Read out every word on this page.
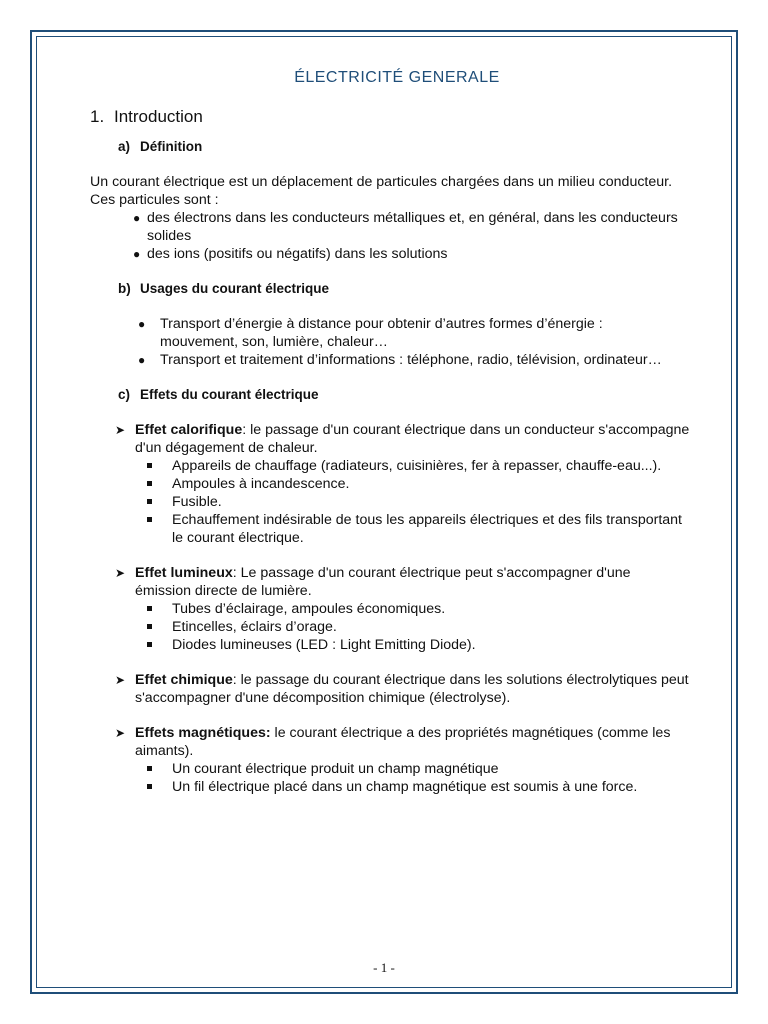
ÉLECTRICITÉ GENERALE
1. Introduction
a) Définition

Un courant électrique est un déplacement de particules chargées dans un milieu conducteur.

Ces particules sont :

● des électrons dans les conducteurs métalliques et, en général, dans les conducteurs solides
● des ions (positifs ou négatifs) dans les solutions
b) Usages du courant électrique
● Transport d’énergie à distance pour obtenir d’autres formes d’énergie :    mouvement, son, lumière, chaleur…
● Transport et traitement d’informations : téléphone, radio, télévision, ordinateur…
c) Effets du courant électrique
➤ Effet calorifique: le passage d'un courant électrique dans un conducteur s'accompagne d'un dégagement de chaleur.
Appareils de chauffage (radiateurs, cuisinières, fer à repasser, chauffe-eau...).
Ampoules à incandescence.
Fusible.
Echauffement indésirable de tous les appareils électriques et des fils transportant le courant électrique.
➤ Effet lumineux: Le passage d'un courant électrique peut s'accompagner d'une émission directe de lumière.
Tubes d’éclairage, ampoules économiques.
Etincelles, éclairs d’orage.
Diodes lumineuses (LED : Light Emitting Diode).
➤ Effet chimique: le passage du courant électrique dans les solutions électrolytiques peut s'accompagner d'une décomposition chimique (électrolyse).
➤ Effets magnétiques: le courant électrique a des propriétés magnétiques (comme les aimants).
Un courant électrique produit un champ magnétique
Un fil électrique placé dans un champ magnétique est soumis à une force.
- 1 -
